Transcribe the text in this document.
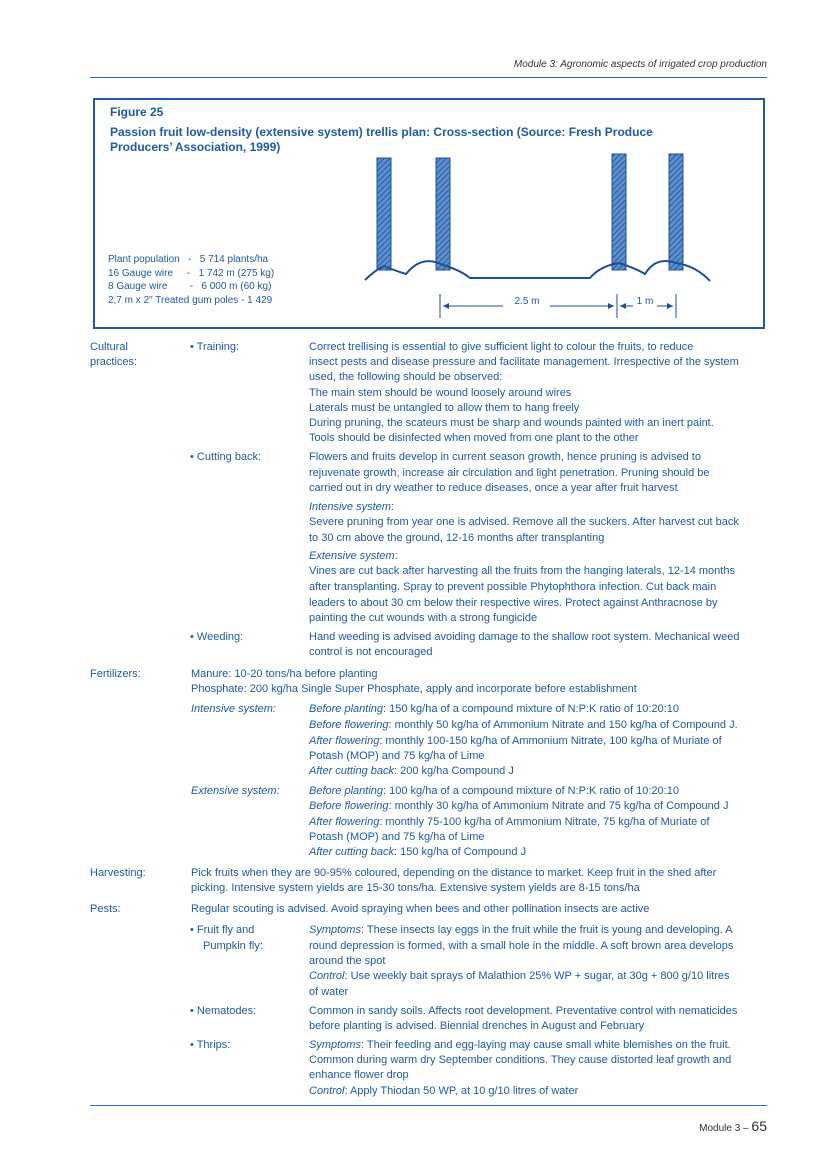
Module 3: Agronomic aspects of irrigated crop production
Figure 25
Passion fruit low-density (extensive system) trellis plan: Cross-section (Source: Fresh Produce Producers’ Association, 1999)
Plant population   -   5 714 plants/ha
16 Gauge wire     -   1 742 m (275 kg)
8 Gauge wire        -   6 000 m (60 kg)
2,7 m x 2" Treated gum poles - 1 429	2.5 m	1 m
Cultural
practices:
• Training:	Correct trellising is essential to give sufficient light to colour the fruits, to reduce
insect pests and disease pressure and facilitate management. Irrespective of the system
used, the following should be observed:
The main stem should be wound loosely around wires
Laterals must be untangled to allow them to hang freely
During pruning, the scateurs must be sharp and wounds painted with an inert paint.
Tools should be disinfected when moved from one plant to the other
• Cutting back:	Flowers and fruits develop in current season growth, hence pruning is advised to
rejuvenate growth, increase air circulation and light penetration. Pruning should be
carried out in dry weather to reduce diseases, once a year after fruit harvest
Intensive system:
Severe pruning from year one is advised. Remove all the suckers. After harvest cut back
to 30 cm above the ground, 12-16 months after transplanting
Extensive system:
Vines are cut back after harvesting all the fruits from the hanging laterals, 12-14 months
after transplanting. Spray to prevent possible Phytophthora infection. Cut back main
leaders to about 30 cm below their respective wires. Protect against Anthracnose by
painting the cut wounds with a strong fungicide
• Weeding:	Hand weeding is advised avoiding damage to the shallow root system. Mechanical weed
control is not encouraged
Fertilizers:	Manure: 10-20 tons/ha before planting
Phosphate: 200 kg/ha Single Super Phosphate, apply and incorporate before establishment
Intensive system:	Before planting: 150 kg/ha of a compound mixture of N:P:K ratio of 10:20:10
Before flowering: monthly 50 kg/ha of Ammonium Nitrate and 150 kg/ha of Compound J.
After flowering: monthly 100-150 kg/ha of Ammonium Nitrate, 100 kg/ha of Muriate of
Potash (MOP) and 75 kg/ha of Lime
After cutting back: 200 kg/ha Compound J
Extensive system:	Before planting: 100 kg/ha of a compound mixture of N:P:K ratio of 10:20:10
Before flowering: monthly 30 kg/ha of Ammonium Nitrate and 75 kg/ha of Compound J
After flowering: monthly 75-100 kg/ha of Ammonium Nitrate, 75 kg/ha of Muriate of
Potash (MOP) and 75 kg/ha of Lime
After cutting back: 150 kg/ha of Compound J
Harvesting:	Pick fruits when they are 90-95% coloured, depending on the distance to market. Keep fruit in the shed after
picking. Intensive system yields are 15-30 tons/ha. Extensive system yields are 8-15 tons/ha
Pests:	Regular scouting is advised. Avoid spraying when bees and other pollination insects are active
• Fruit fly and
Pumpkin fly:
Symptoms: These insects lay eggs in the fruit while the fruit is young and developing. A
round depression is formed, with a small hole in the middle. A soft brown area develops
around the spot
Control: Use weekly bait sprays of Malathion 25% WP + sugar, at 30g + 800 g/10 litres
of water
• Nematodes:	Common in sandy soils. Affects root development. Preventative control with nematicides
before planting is advised. Biennial drenches in August and February
• Thrips:	Symptoms: Their feeding and egg-laying may cause small white blemishes on the fruit.
Common during warm dry September conditions. They cause distorted leaf growth and
enhance flower drop
Control: Apply Thiodan 50 WP, at 10 g/10 litres of water
Module 3 – 65
